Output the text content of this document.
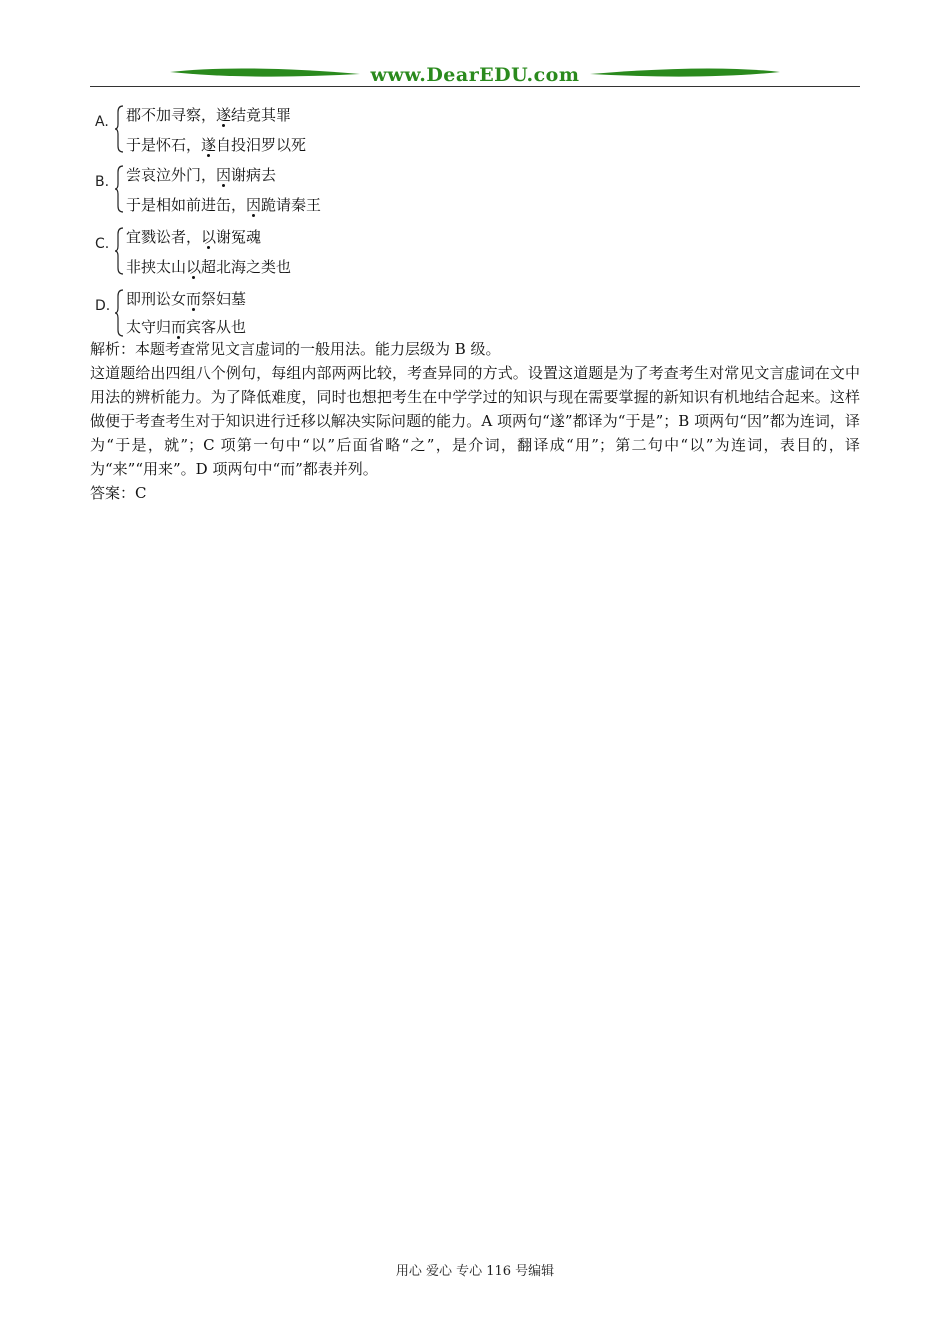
www.DearEDU.com
A. 郡不加寻察，遂结竟其罪
于是怀石，遂自投汨罗以死
B. 尝哀泣外门，因谢病去
于是相如前进缶，因跪请秦王
C. 宜戮讼者，以谢冤魂
非挟太山以超北海之类也
D. 即刑讼女而祭妇墓
太守归而宾客从也

解析：本题考查常见文言虚词的一般用法。能力层级为 B 级。

这道题给出四组八个例句，每组内部两两比较，考查异同的方式。设置这道题是为了考查考生对常见文言虚词在文中用法的辨析能力。为了降低难度，同时也想把考生在中学学过的知识与现在需要掌握的新知识有机地结合起来。这样做便于考查考生对于知识进行迁移以解决实际问题的能力。A 项两句“遂”都译为“于是”；B 项两句“因”都为连词，译为“于是，就”；C 项第一句中“以”后面省略“之”，是介词，翻译成“用”；第二句中“以”为连词，表目的，译为“来”“用来”。D 项两句中“而”都表并列。

答案：C

用心 爱心 专心 116 号编辑
